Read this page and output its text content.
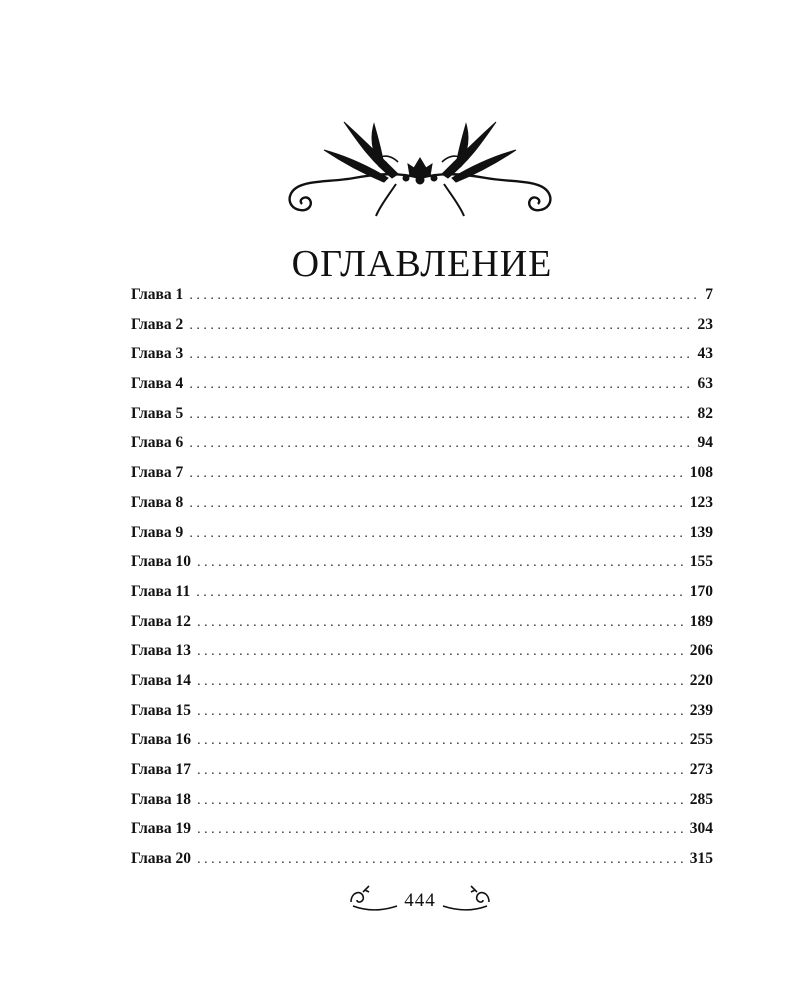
ОГЛАВЛЕНИЕ
Глава 1 . . .	7
Глава 2 . . .	23
Глава 3 . . .	43
Глава 4 . . .	63
Глава 5 . . .	82
Глава 6 . . .	94
Глава 7 . . .	108
Глава 8 . . .	123
Глава 9 . . .	139
Глава 10 . . .	155
Глава 11 . . .	170
Глава 12 . . .	189
Глава 13 . . .	206
Глава 14 . . .	220
Глава 15 . . .	239
Глава 16 . . .	255
Глава 17 . . .	273
Глава 18 . . .	285
Глава 19 . . .	304
Глава 20 . . .	315
444
